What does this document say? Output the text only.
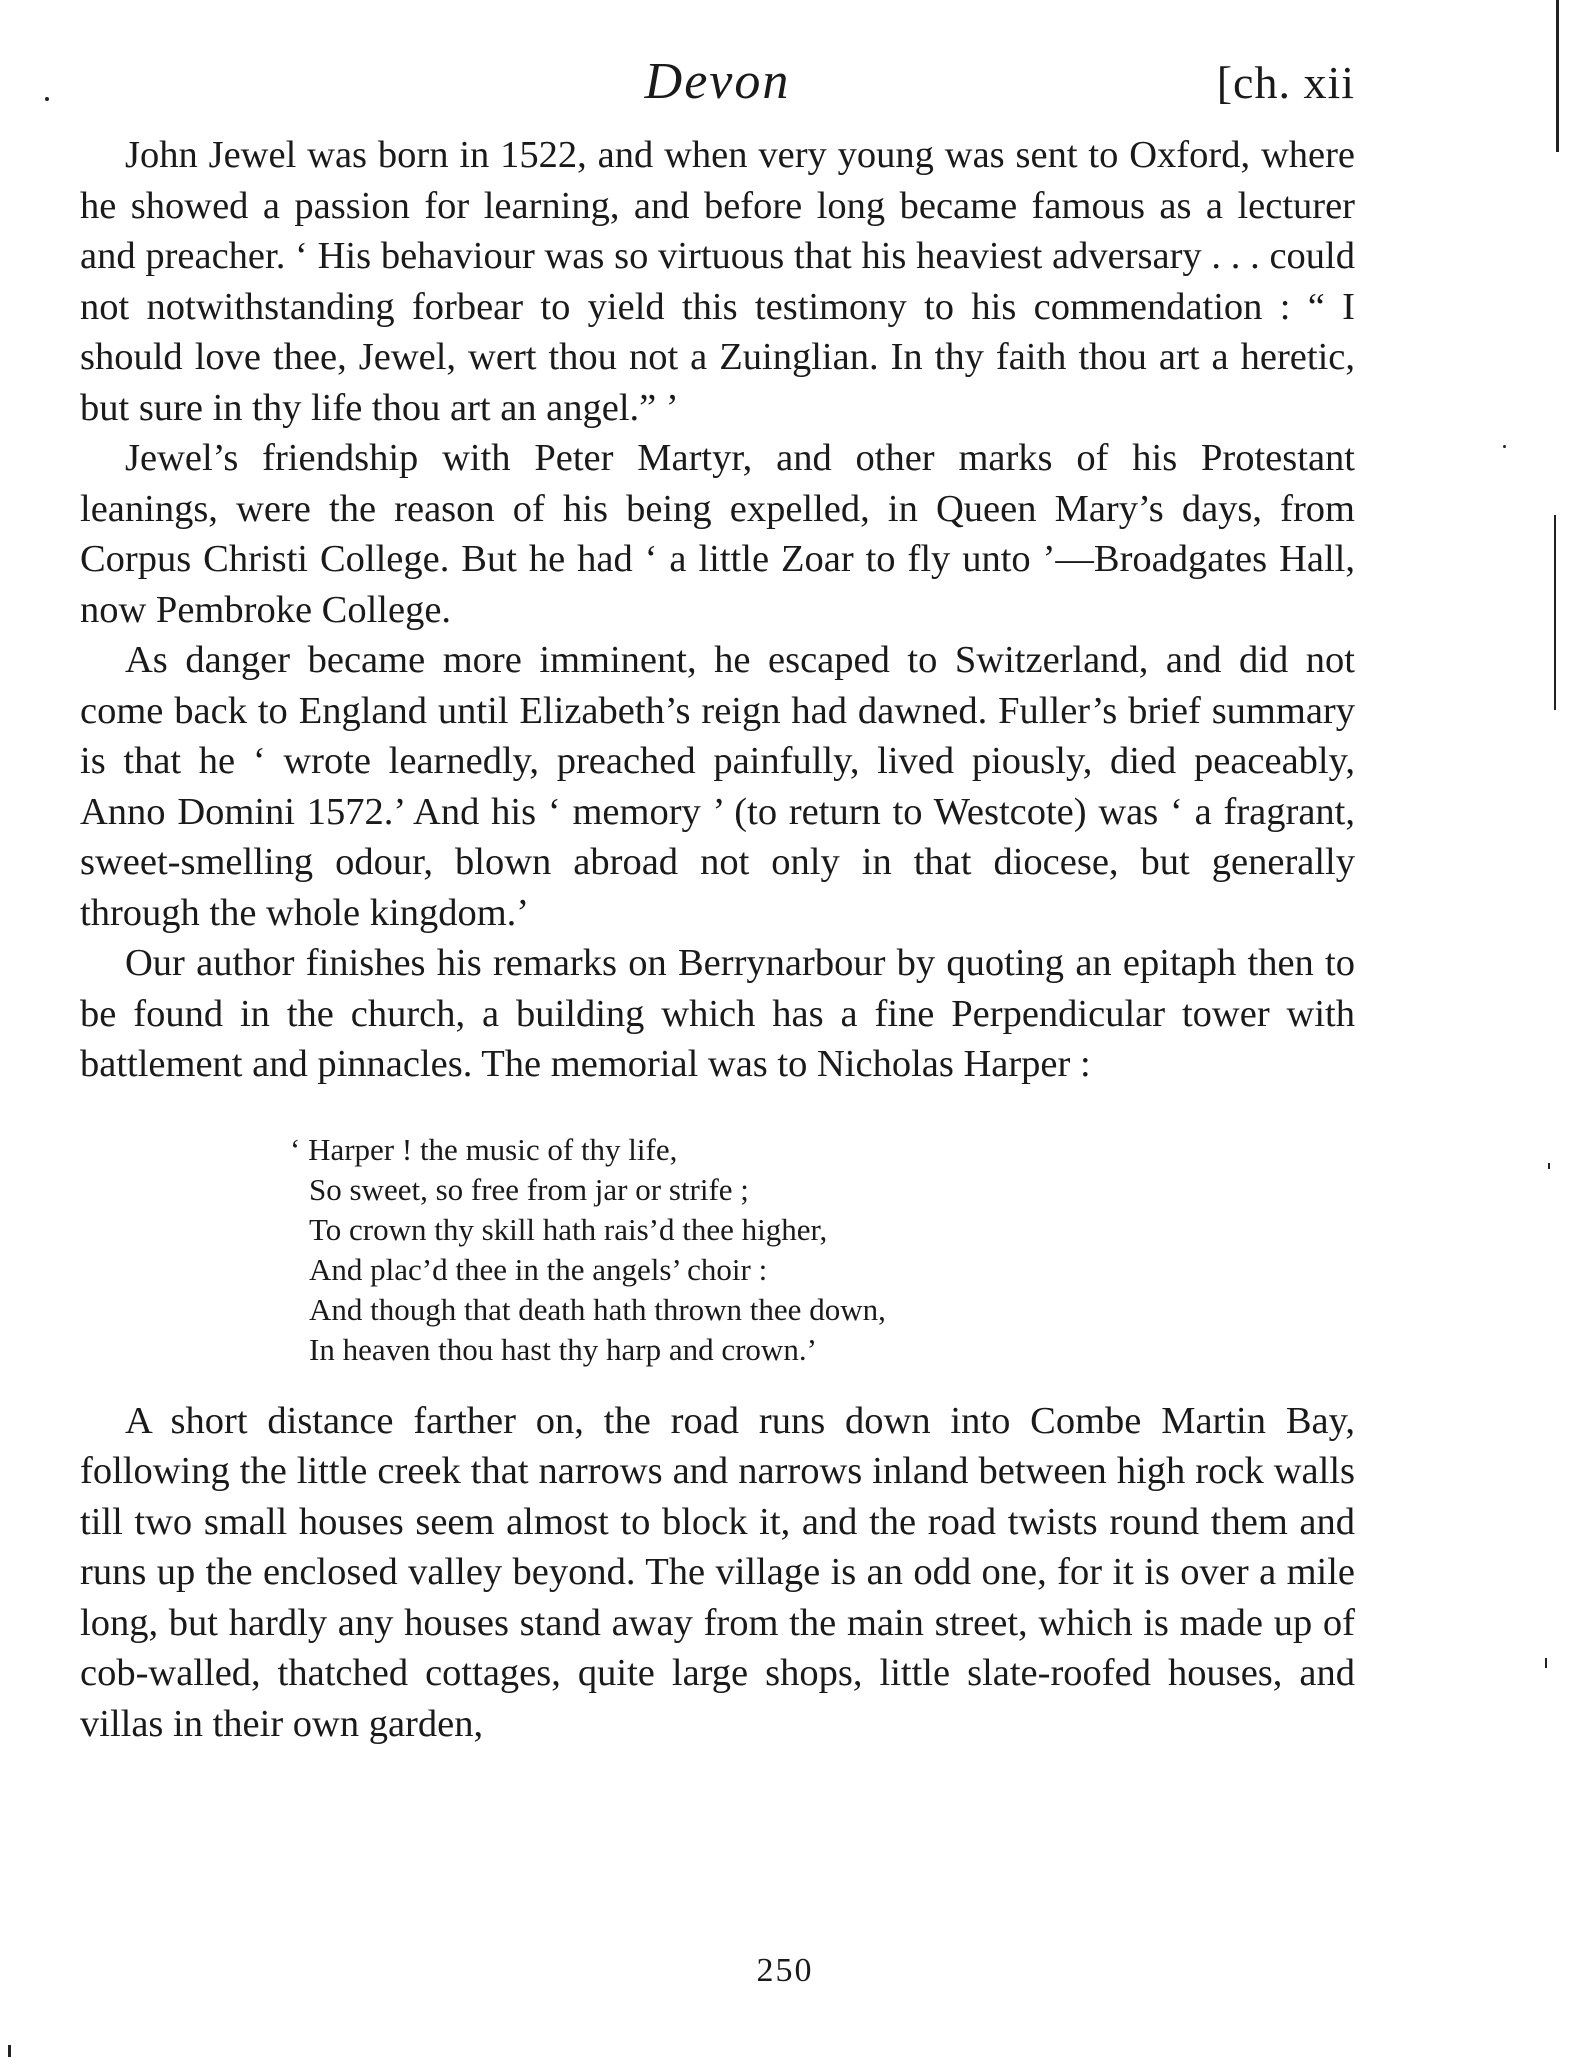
Devon	[ch. xii

John Jewel was born in 1522, and when very young was sent to Oxford, where he showed a passion for learning, and before long became famous as a lecturer and preacher. ‘ His behaviour was so virtuous that his heaviest adversary . . . could not notwithstanding forbear to yield this testimony to his commendation : “ I should love thee, Jewel, wert thou not a Zuinglian. In thy faith thou art a heretic, but sure in thy life thou art an angel.” ’

Jewel’s friendship with Peter Martyr, and other marks of his Protestant leanings, were the reason of his being expelled, in Queen Mary’s days, from Corpus Christi College. But he had ‘ a little Zoar to fly unto ’—Broadgates Hall, now Pembroke College.

As danger became more imminent, he escaped to Switzerland, and did not come back to England until Elizabeth’s reign had dawned. Fuller’s brief summary is that he ‘ wrote learnedly, preached painfully, lived piously, died peaceably, Anno Domini 1572.’ And his ‘ memory ’ (to return to Westcote) was ‘ a fragrant, sweet-smelling odour, blown abroad not only in that diocese, but generally through the whole kingdom.’

Our author finishes his remarks on Berrynarbour by quoting an epitaph then to be found in the church, a building which has a fine Perpendicular tower with battlement and pinnacles. The memorial was to Nicholas Harper :

‘ Harper ! the music of thy life,
So sweet, so free from jar or strife ;
To crown thy skill hath rais’d thee higher,
And plac’d thee in the angels’ choir :
And though that death hath thrown thee down,
In heaven thou hast thy harp and crown.’

A short distance farther on, the road runs down into Combe Martin Bay, following the little creek that narrows and narrows inland between high rock walls till two small houses seem almost to block it, and the road twists round them and runs up the enclosed valley beyond. The village is an odd one, for it is over a mile long, but hardly any houses stand away from the main street, which is made up of cob-walled, thatched cottages, quite large shops, little slate-roofed houses, and villas in their own garden,

250
